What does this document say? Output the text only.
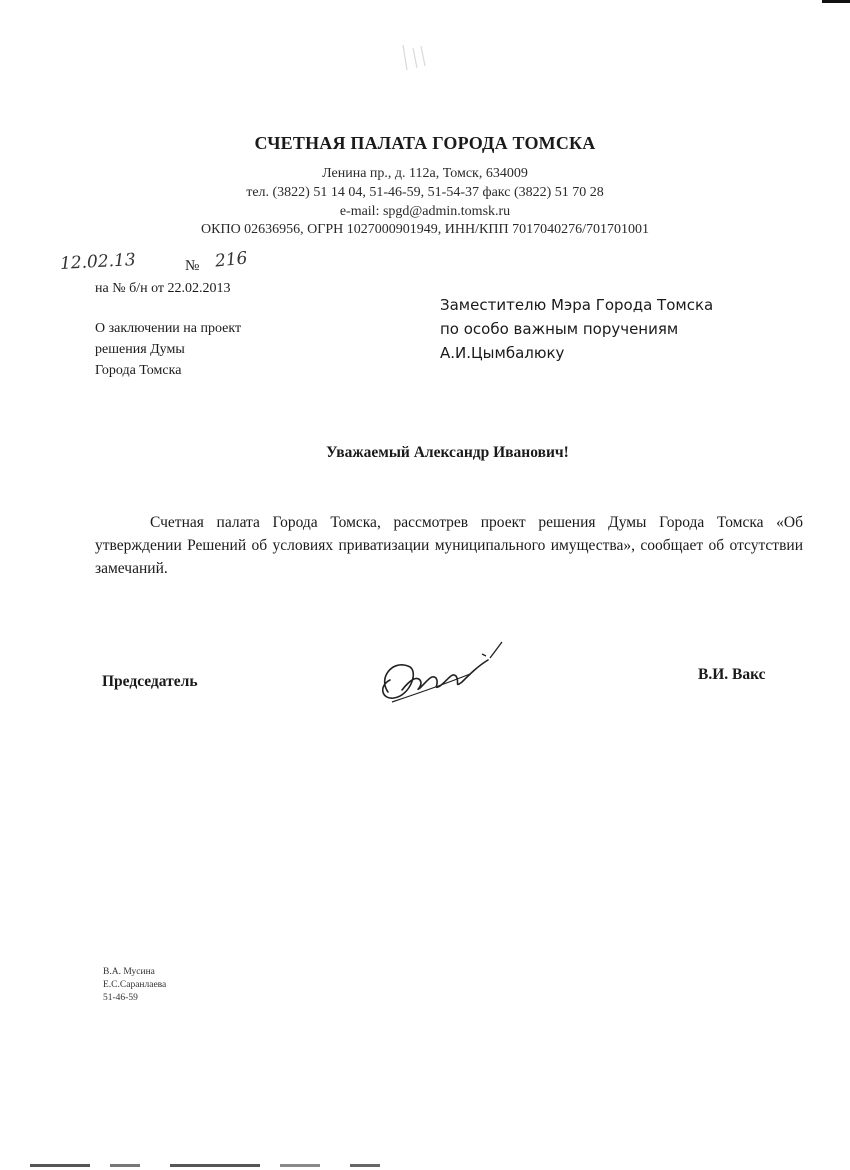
СЧЕТНАЯ ПАЛАТА ГОРОДА ТОМСКА
Ленина пр., д. 112а, Томск, 634009
тел. (3822) 51 14 04, 51-46-59, 51-54-37 факс (3822) 51 70 28
e-mail: spgd@admin.tomsk.ru
ОКПО 02636956, ОГРН 1027000901949, ИНН/КПП 7017040276/701701001
12.02.13	№ 216
на № б/н от 22.02.2013
О заключении на проект
решения Думы
Города Томска
Заместителю Мэра Города Томска
по особо важным поручениям
А.И.Цымбалюку
Уважаемый Александр Иванович!
Счетная палата Города Томска, рассмотрев проект решения Думы Города Томска «Об утверждении Решений об условиях приватизации муниципального имущества», сообщает об отсутствии замечаний.
Председатель	В.И. Вакс
В.А. Мусина
Е.С.Саранлаева
51-46-59
